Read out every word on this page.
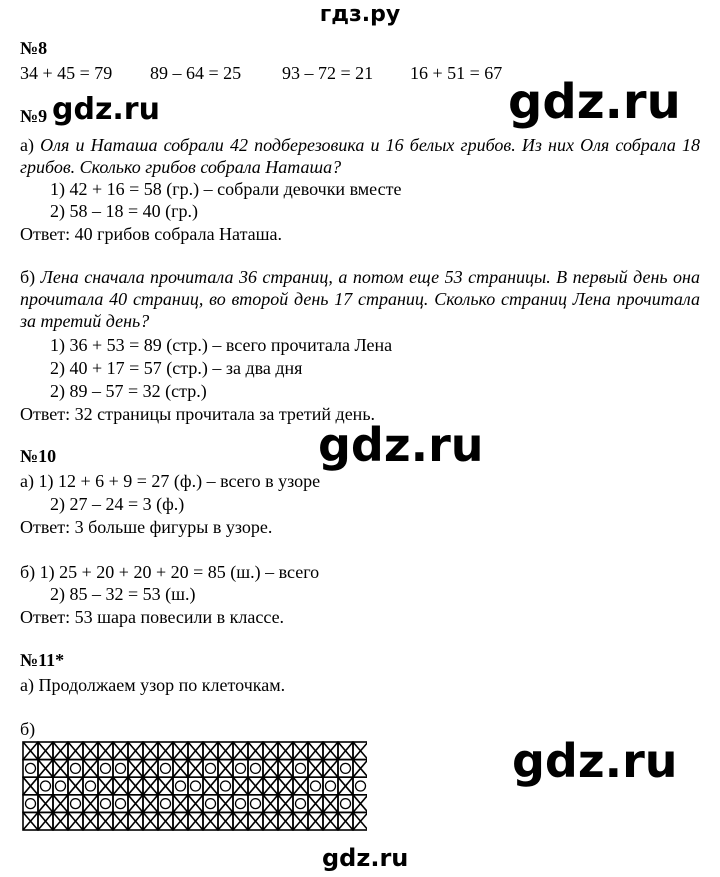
гдз.ру
№8
34 + 45 = 79 89 – 64 = 25 93 – 72 = 21 16 + 51 = 67
№9 gdz.ru	gdz.ru
а) Оля и Наташа собрали 42 подберезовика и 16 белых грибов. Из них Оля собрала 18 грибов. Сколько грибов собрала Наташа?
1) 42 + 16 = 58 (гр.) – собрали девочки вместе
2) 58 – 18 = 40 (гр.)
Ответ: 40 грибов собрала Наташа.
б) Лена сначала прочитала 36 страниц, а потом еще 53 страницы. В первый день она прочитала 40 страниц, во второй день 17 страниц. Сколько страниц Лена прочитала за третий день?
1) 36 + 53 = 89 (стр.) – всего прочитала Лена
2) 40 + 17 = 57 (стр.) – за два дня
2) 89 – 57 = 32 (стр.)
Ответ: 32 страницы прочитала за третий день.
gdz.ru
№10
а) 1) 12 + 6 + 9 = 27 (ф.) – всего в узоре
2) 27 – 24 = 3 (ф.)
Ответ: 3 больше фигуры в узоре.
б) 1) 25 + 20 + 20 + 20 = 85 (ш.) – всего
2) 85 – 32 = 53 (ш.)
Ответ: 53 шара повесили в классе.
№11*
а) Продолжаем узор по клеточкам.
б)
gdz.ru
gdz.ru
